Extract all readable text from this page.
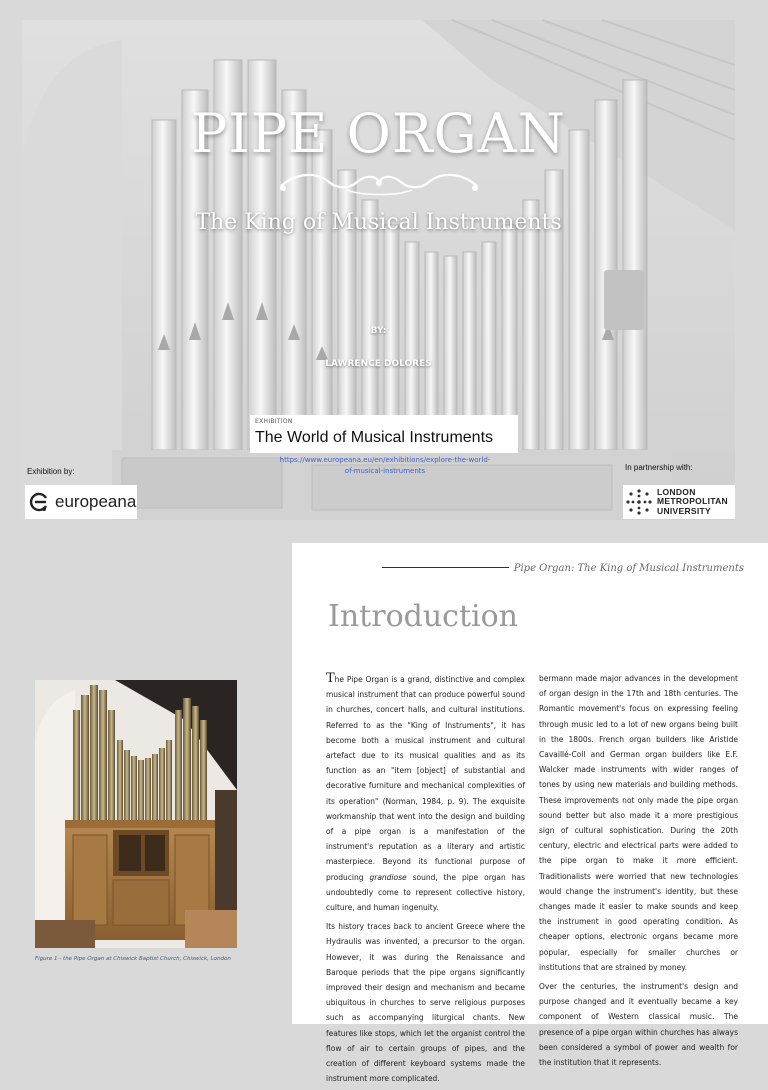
PIPE ORGAN
The King of Musical Instruments
BY:
LAWRENCE DOLORES
EXHIBITION
The World of Musical Instruments
https://www.europeana.eu/en/exhibitions/explore-the-world-
of-musical-instruments
Exhibition by:	In partnership with:
europeana
LONDON
METROPOLITAN
UNIVERSITY
Figure 1 - the Pipe Organ at Chiswick Baptist Church, Chiswick, London
Pipe Organ: The King of Musical Instruments
Introduction

The Pipe Organ is a grand, distinctive and complex musical instrument that can produce powerful sound in churches, concert halls, and cultural institutions. Referred to as the "King of Instruments", it has become both a musical instrument and cultural artefact due to its musical qualities and as its function as an "item [object] of substantial and decorative furniture and mechanical complexities of its operation" (Norman, 1984, p. 9). The exquisite workmanship that went into the design and building of a pipe organ is a manifestation of the instrument's reputation as a literary and artistic masterpiece. Beyond its functional purpose of producing grandiose sound, the pipe organ has undoubtedly come to represent collective history, culture, and human ingenuity.

Its history traces back to ancient Greece where the Hydraulis was invented, a precursor to the organ. However, it was during the Renaissance and Baroque periods that the pipe organs significantly improved their design and mechanism and became ubiquitous in churches to serve religious purposes such as accompanying liturgical chants. New features like stops, which let the organist control the flow of air to certain groups of pipes, and the creation of different keyboard systems made the instrument more complicated.

bermann made major advances in the development of organ design in the 17th and 18th centuries. The Romantic movement's focus on expressing feeling through music led to a lot of new organs being built in the 1800s. French organ builders like Aristide Cavaillé-Coll and German organ builders like E.F. Walcker made instruments with wider ranges of tones by using new materials and building methods. These improvements not only made the pipe organ sound better but also made it a more prestigious sign of cultural sophistication. During the 20th century, electric and electrical parts were added to the pipe organ to make it more efficient. Traditionalists were worried that new technologies would change the instrument's identity, but these changes made it easier to make sounds and keep the instrument in good operating condition. As cheaper options, electronic organs became more popular, especially for smaller churches or institutions that are strained by money.

Over the centuries, the instrument's design and purpose changed and it eventually became a key component of Western classical music. The presence of a pipe organ within churches has always been considered a symbol of power and wealth for the institution that it represents.
